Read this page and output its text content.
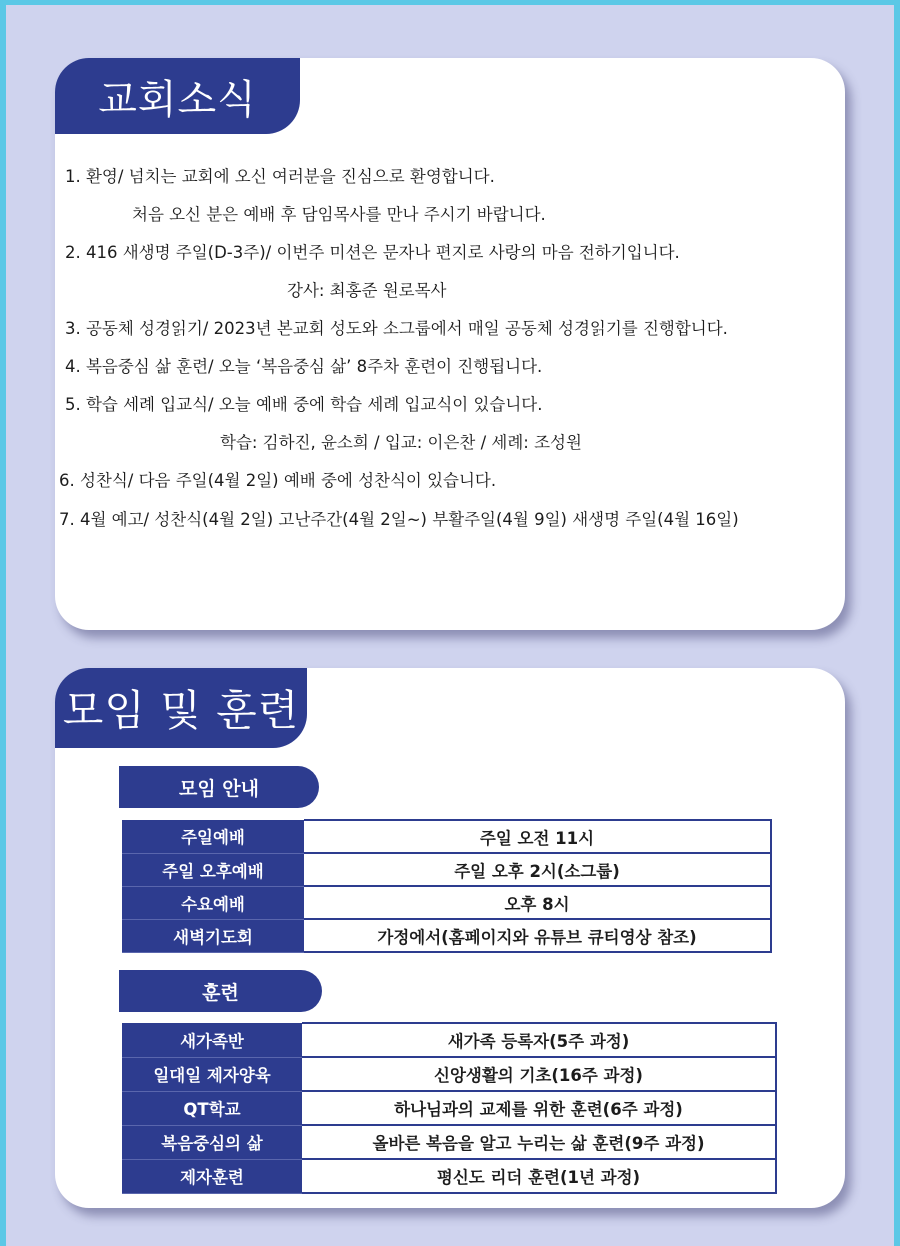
교회소식
1. 환영/ 넘치는 교회에 오신 여러분을 진심으로 환영합니다.
처음 오신 분은 예배 후 담임목사를 만나 주시기 바랍니다.
2. 416 새생명 주일(D-3주)/ 이번주 미션은 문자나 편지로 사랑의 마음 전하기입니다.
강사: 최홍준 원로목사
3. 공동체 성경읽기/ 2023년 본교회 성도와 소그룹에서 매일 공동체 성경읽기를 진행합니다.
4. 복음중심 삶 훈련/ 오늘 ‘복음중심 삶’ 8주차 훈련이 진행됩니다.
5. 학습 세례 입교식/ 오늘 예배 중에 학습 세례 입교식이 있습니다.
학습: 김하진, 윤소희 / 입교: 이은찬 / 세례: 조성원
6. 성찬식/ 다음 주일(4월 2일) 예배 중에 성찬식이 있습니다.
7. 4월 예고/ 성찬식(4월 2일) 고난주간(4월 2일~) 부활주일(4월 9일) 새생명 주일(4월 16일)
모임 및 훈련
모임 안내
주일예배	주일 오전 11시
주일 오후예배	주일 오후 2시(소그룹)
수요예배	오후 8시
새벽기도회	가정에서(홈페이지와 유튜브 큐티영상 참조)
훈련
새가족반	새가족 등록자(5주 과정)
일대일 제자양육	신앙생활의 기초(16주 과정)
QT학교	하나님과의 교제를 위한 훈련(6주 과정)
복음중심의 삶	올바른 복음을 알고 누리는 삶 훈련(9주 과정)
제자훈련	평신도 리더 훈련(1년 과정)
